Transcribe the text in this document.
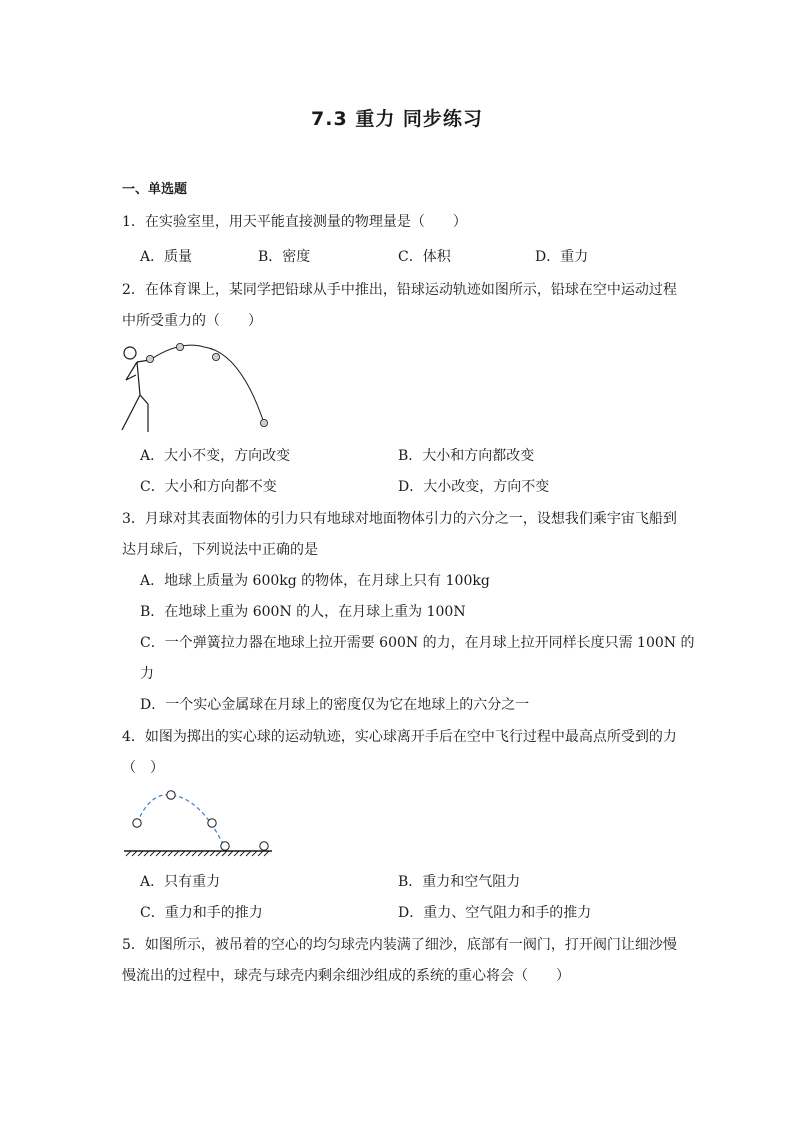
7.3 重力 同步练习
一、单选题
1．在实验室里，用天平能直接测量的物理量是（　　）
A．质量	B．密度	C．体积	D．重力
2．在体育课上，某同学把铅球从手中推出，铅球运动轨迹如图所示，铅球在空中运动过程
中所受重力的（　　）
A．大小不变，方向改变	B．大小和方向都改变
C．大小和方向都不变	D．大小改变，方向不变
3．月球对其表面物体的引力只有地球对地面物体引力的六分之一，设想我们乘宇宙飞船到
达月球后，下列说法中正确的是
A．地球上质量为 600kg 的物体，在月球上只有 100kg
B．在地球上重为 600N 的人，在月球上重为 100N
C．一个弹簧拉力器在地球上拉开需要 600N 的力，在月球上拉开同样长度只需 100N 的
力
D．一个实心金属球在月球上的密度仅为它在地球上的六分之一
4．如图为掷出的实心球的运动轨迹，实心球离开手后在空中飞行过程中最高点所受到的力
（　）
A．只有重力	B．重力和空气阻力
C．重力和手的推力	D．重力、空气阻力和手的推力
5．如图所示，被吊着的空心的均匀球壳内装满了细沙，底部有一阀门，打开阀门让细沙慢
慢流出的过程中，球壳与球壳内剩余细沙组成的系统的重心将会（　　）
